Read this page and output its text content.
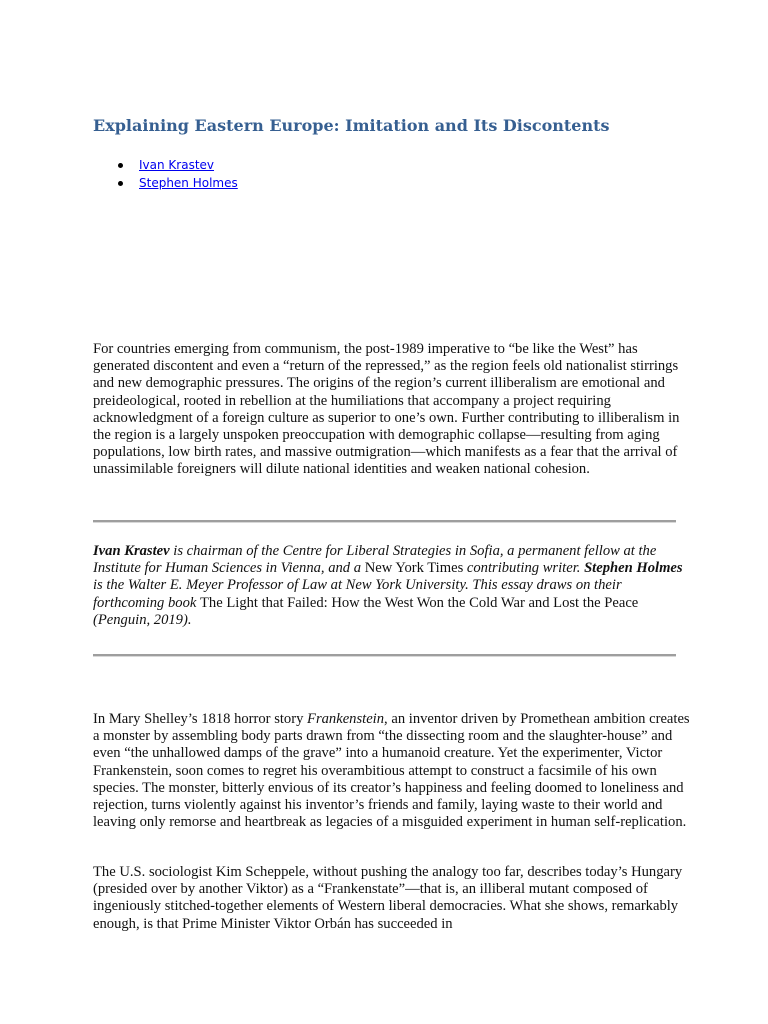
Explaining Eastern Europe: Imitation and Its Discontents
Ivan Krastev
Stephen Holmes

For countries emerging from communism, the post-1989 imperative to “be like the West” has generated discontent and even a “return of the repressed,” as the region feels old nationalist stirrings and new demographic pressures. The origins of the region’s current illiberalism are emotional and preideological, rooted in rebellion at the humiliations that accompany a project requiring acknowledgment of a foreign culture as superior to one’s own. Further contributing to illiberalism in the region is a largely unspoken preoccupation with demographic collapse—resulting from aging populations, low birth rates, and massive outmigration—which manifests as a fear that the arrival of unassimilable foreigners will dilute national identities and weaken national cohesion.

Ivan Krastev is chairman of the Centre for Liberal Strategies in Sofia, a permanent fellow at the Institute for Human Sciences in Vienna, and a New York Times contributing writer. Stephen Holmes is the Walter E. Meyer Professor of Law at New York University. This essay draws on their forthcoming book The Light that Failed: How the West Won the Cold War and Lost the Peace (Penguin, 2019).

In Mary Shelley’s 1818 horror story Frankenstein, an inventor driven by Promethean ambition creates a monster by assembling body parts drawn from “the dissecting room and the slaughter-house” and even “the unhallowed damps of the grave” into a humanoid creature. Yet the experimenter, Victor Frankenstein, soon comes to regret his overambitious attempt to construct a facsimile of his own species. The monster, bitterly envious of its creator’s happiness and feeling doomed to loneliness and rejection, turns violently against his inventor’s friends and family, laying waste to their world and leaving only remorse and heartbreak as legacies of a misguided experiment in human self-replication.

The U.S. sociologist Kim Scheppele, without pushing the analogy too far, describes today’s Hungary (presided over by another Viktor) as a “Frankenstate”—that is, an illiberal mutant composed of ingeniously stitched-together elements of Western liberal democracies. What she shows, remarkably enough, is that Prime Minister Viktor Orbán has succeeded in
